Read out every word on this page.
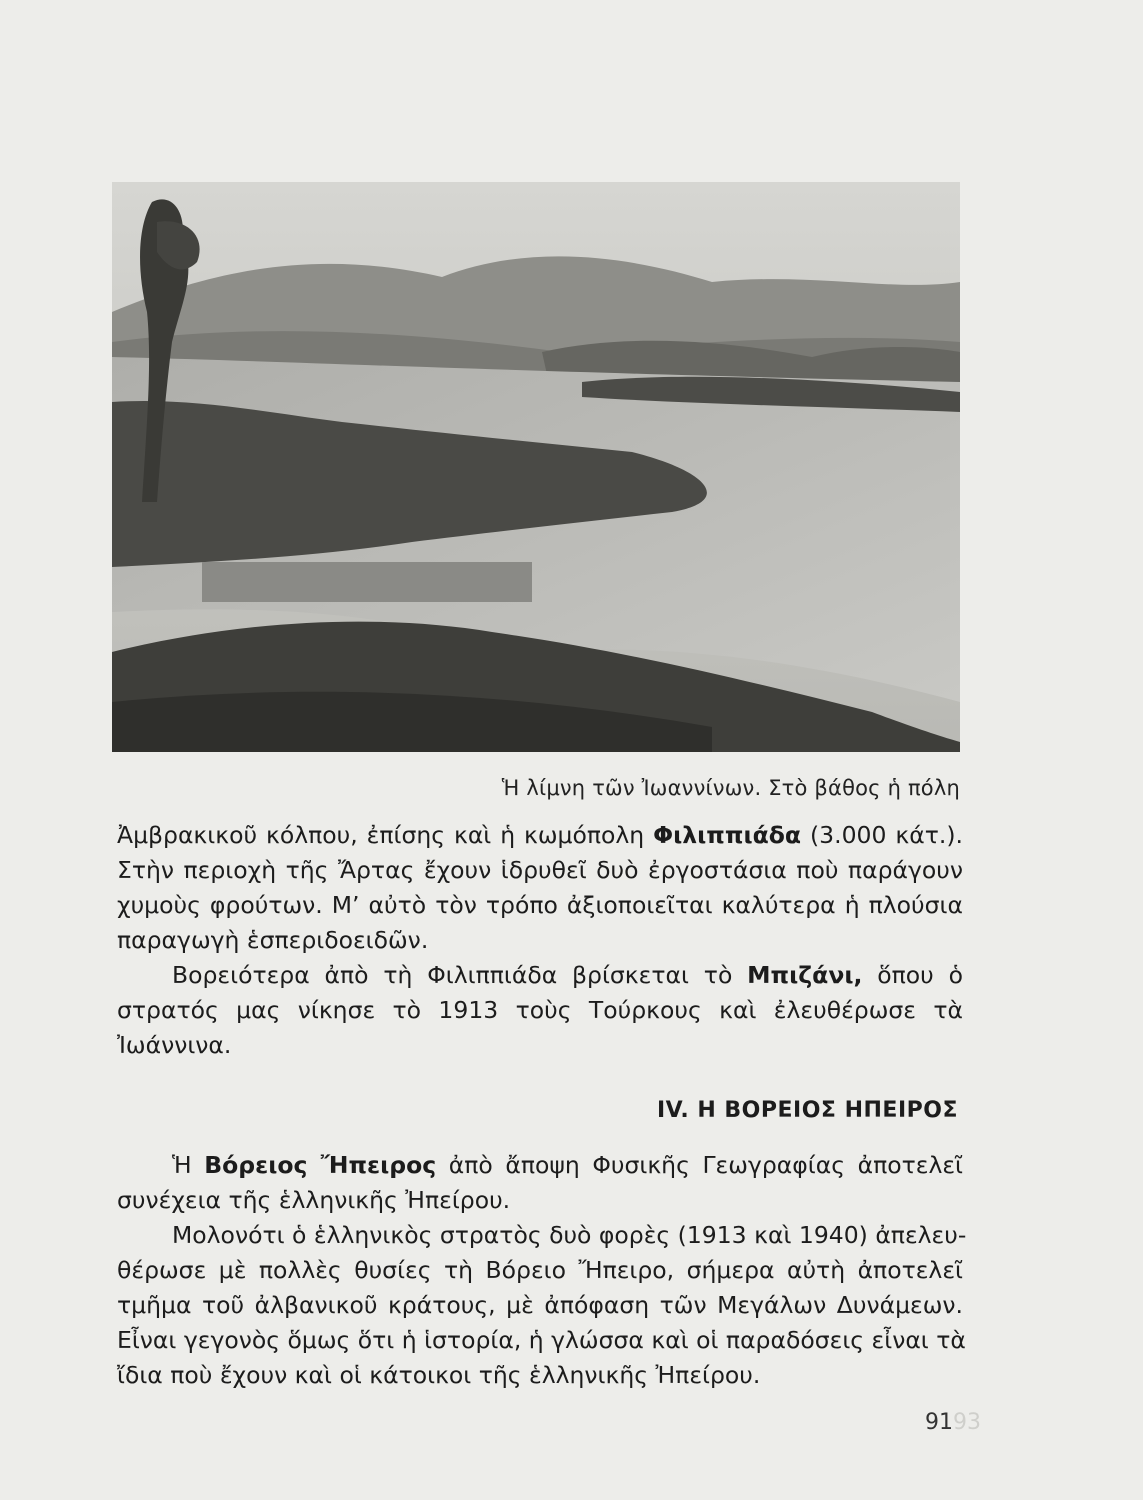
Ἡ λίμνη τῶν Ἰωαννίνων. Στὸ βάθος ἡ πόλη
Ἀμβρακικοῦ κόλπου, ἐπίσης καὶ ἡ κωμόπολη Φιλιππιάδα (3.000 κάτ.).
Στὴν περιοχὴ τῆς Ἄρτας ἔχουν ἱδρυθεῖ δυὸ ἐργοστάσια ποὺ παράγουν
χυμοὺς φρούτων. Μ’ αὐτὸ τὸν τρόπο ἀξιοποιεῖται καλύτερα ἡ πλούσια
παραγωγὴ ἑσπεριδοειδῶν.
Βορειότερα ἀπὸ τὴ Φιλιππιάδα βρίσκεται τὸ Μπιζάνι, ὅπου ὁ
στρατός μας νίκησε τὸ 1913 τοὺς Τούρκους καὶ ἐλευθέρωσε τὰ
Ἰωάννινα.
IV. Η ΒΟΡΕΙΟΣ ΗΠΕΙΡΟΣ
Ἡ Βόρειος Ἤπειρος ἀπὸ ἄποψη Φυσικῆς Γεωγραφίας ἀποτελεῖ
συνέχεια τῆς ἑλληνικῆς Ἠπείρου.
Μολονότι ὁ ἑλληνικὸς στρατὸς δυὸ φορὲς (1913 καὶ 1940) ἀπελευ-
θέρωσε μὲ πολλὲς θυσίες τὴ Βόρειο Ἤπειρο, σήμερα αὐτὴ ἀποτελεῖ
τμῆμα τοῦ ἀλβανικοῦ κράτους, μὲ ἀπόφαση τῶν Μεγάλων Δυνάμεων.
Εἶναι γεγονὸς ὅμως ὅτι ἡ ἱστορία, ἡ γλώσσα καὶ οἱ παραδόσεις εἶναι τὰ
ἴδια ποὺ ἔχουν καὶ οἱ κάτοικοι τῆς ἑλληνικῆς Ἠπείρου.
9193
